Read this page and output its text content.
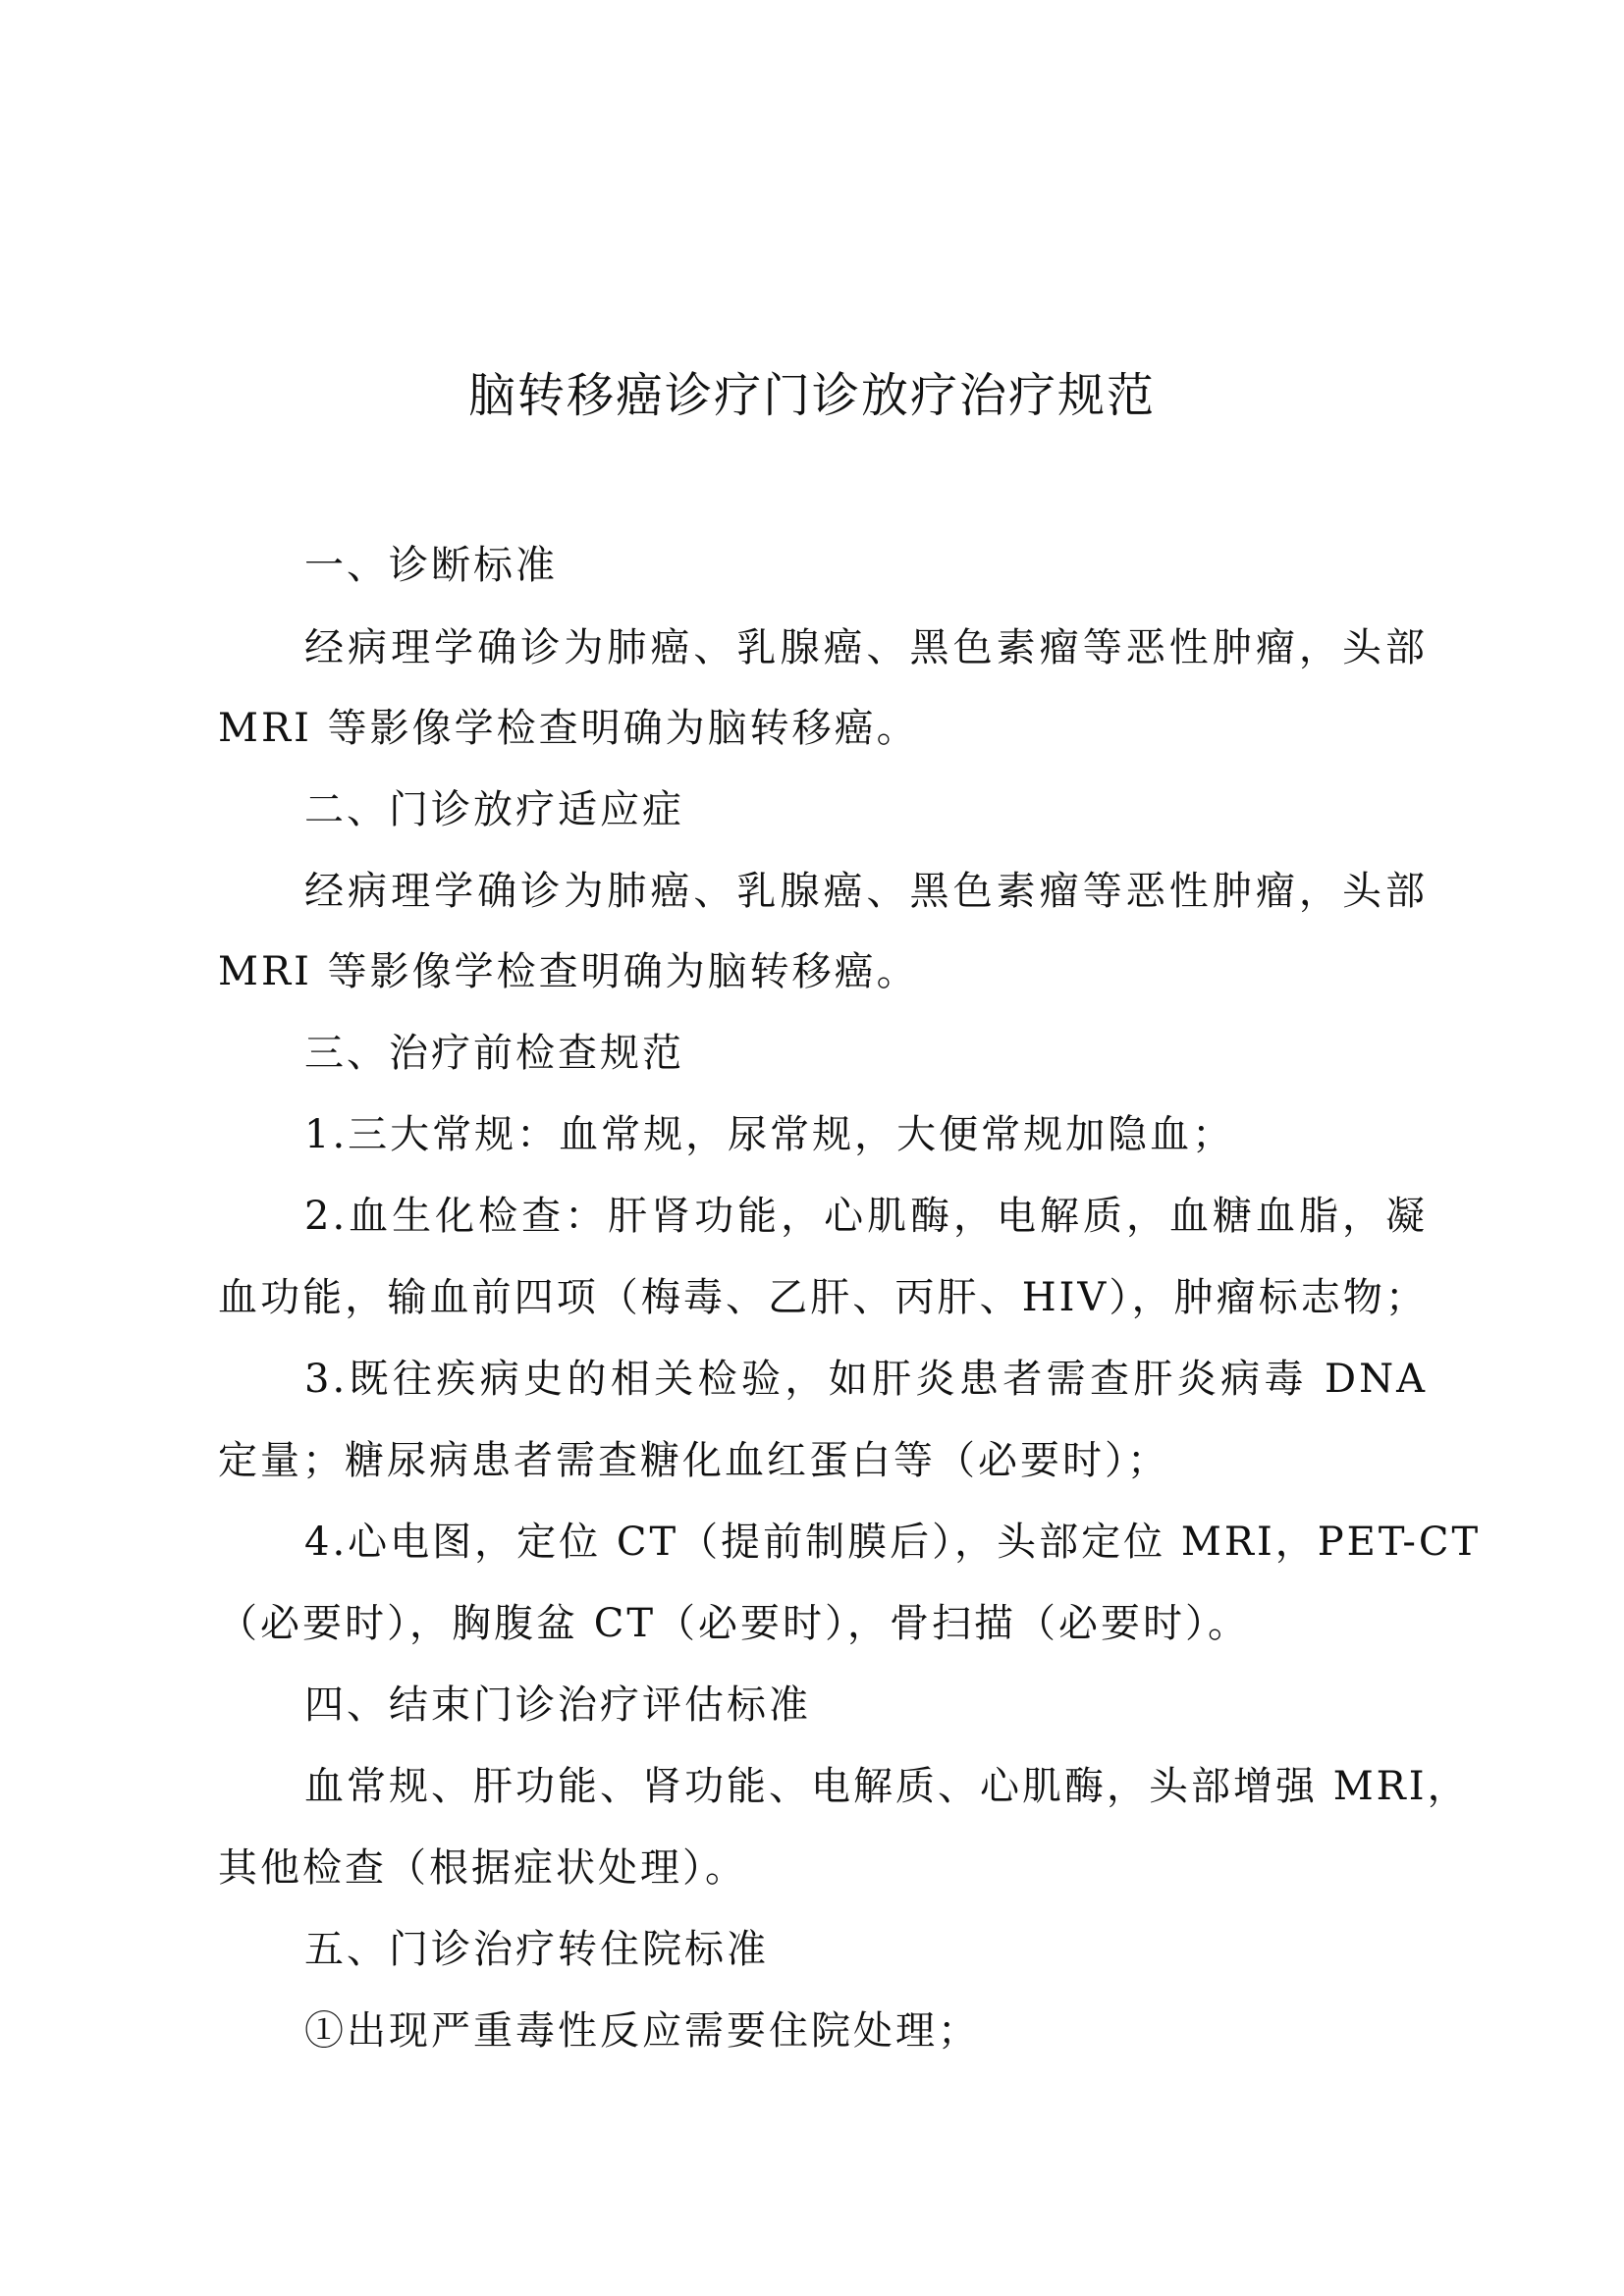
脑转移癌诊疗门诊放疗治疗规范

一、诊断标准

经病理学确诊为肺癌、乳腺癌、黑色素瘤等恶性肿瘤，头部

MRI 等影像学检查明确为脑转移癌。

二、门诊放疗适应症

经病理学确诊为肺癌、乳腺癌、黑色素瘤等恶性肿瘤，头部

MRI 等影像学检查明确为脑转移癌。

三、治疗前检查规范

1.三大常规：血常规，尿常规，大便常规加隐血；

2.血生化检查：肝肾功能，心肌酶，电解质，血糖血脂，凝

血功能，输血前四项（梅毒、乙肝、丙肝、HIV），肿瘤标志物；

3.既往疾病史的相关检验，如肝炎患者需查肝炎病毒 DNA

定量；糖尿病患者需查糖化血红蛋白等（必要时）；

4.心电图，定位 CT（提前制膜后），头部定位 MRI，PET-CT

（必要时），胸腹盆 CT（必要时），骨扫描（必要时）。

四、结束门诊治疗评估标准

血常规、肝功能、肾功能、电解质、心肌酶，头部增强 MRI，

其他检查（根据症状处理）。

五、门诊治疗转住院标准

①出现严重毒性反应需要住院处理；
